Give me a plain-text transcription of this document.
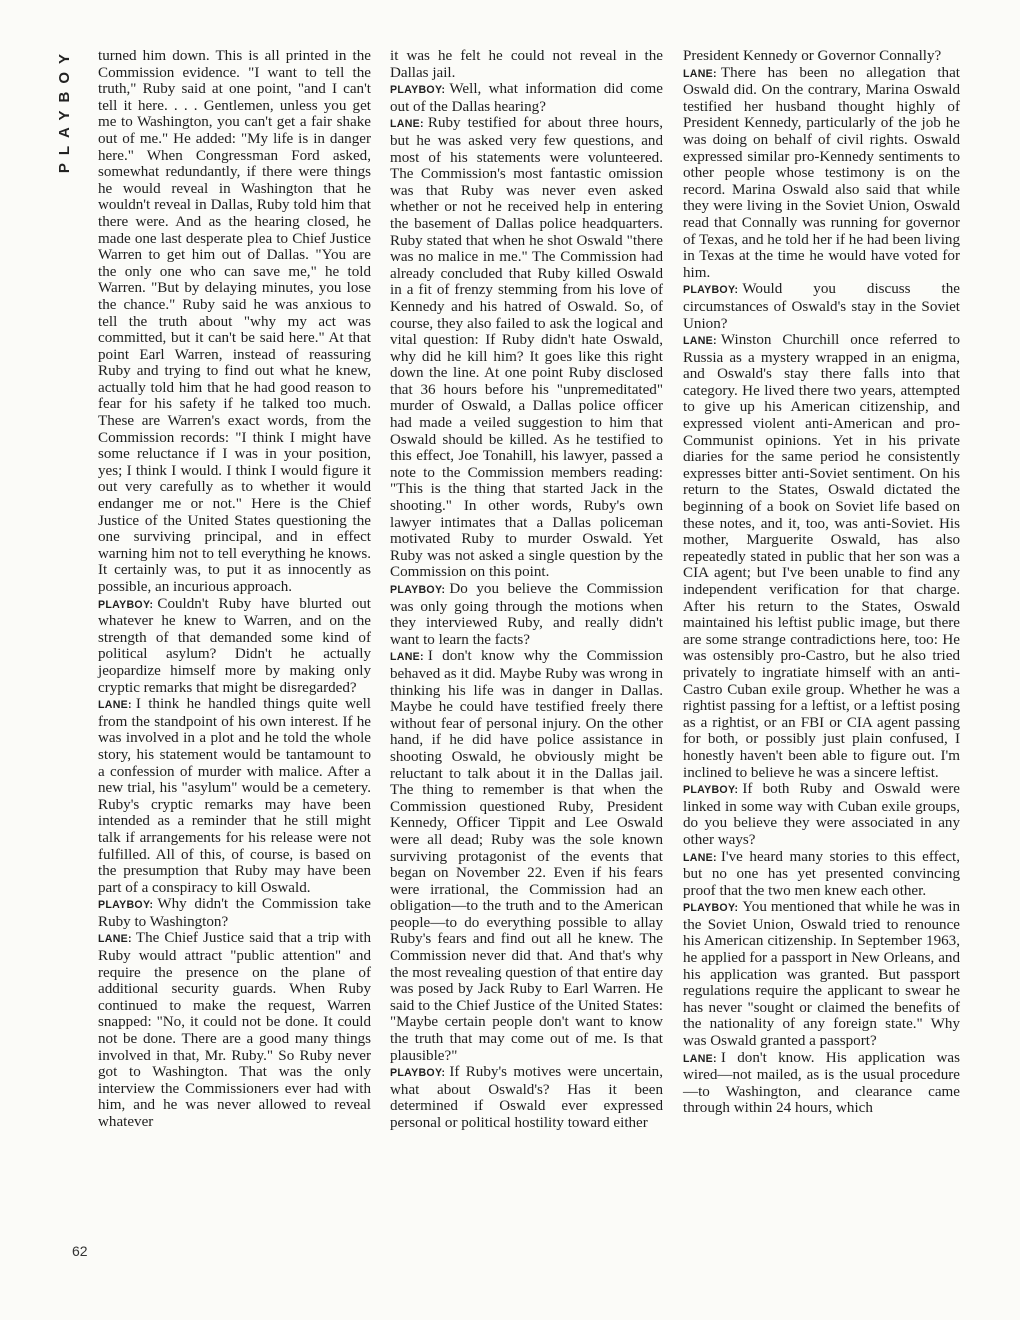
PLAYBOY turned him down. This is all printed in the Commission evidence. "I want to tell the truth," Ruby said at one point, "and I can't tell it here. . . . Gentlemen, unless you get me to Washington, you can't get a fair shake out of me." He added: "My life is in danger here." When Congressman Ford asked, somewhat redundantly, if there were things he would reveal in Washington that he wouldn't reveal in Dallas, Ruby told him that there were. And as the hearing closed, he made one last desperate plea to Chief Justice Warren to get him out of Dallas. "You are the only one who can save me," he told Warren. "But by delaying minutes, you lose the chance." Ruby said he was anxious to tell the truth about "why my act was committed, but it can't be said here." At that point Earl Warren, instead of reassuring Ruby and trying to find out what he knew, actually told him that he had good reason to fear for his safety if he talked too much. These are Warren's exact words, from the Commission records: "I think I might have some reluctance if I was in your position, yes; I think I would. I think I would figure it out very carefully as to whether it would endanger me or not." Here is the Chief Justice of the United States questioning the one surviving principal, and in effect warning him not to tell everything he knows. It certainly was, to put it as innocently as possible, an incurious approach.

PLAYBOY: Couldn't Ruby have blurted out whatever he knew to Warren, and on the strength of that demanded some kind of political asylum? Didn't he actually jeopardize himself more by making only cryptic remarks that might be disregarded?

LANE: I think he handled things quite well from the standpoint of his own interest. If he was involved in a plot and he told the whole story, his statement would be tantamount to a confession of murder with malice. After a new trial, his "asylum" would be a cemetery. Ruby's cryptic remarks may have been intended as a reminder that he still might talk if arrangements for his release were not fulfilled. All of this, of course, is based on the presumption that Ruby may have been part of a conspiracy to kill Oswald.

PLAYBOY: Why didn't the Commission take Ruby to Washington?

LANE: The Chief Justice said that a trip with Ruby would attract "public attention" and require the presence on the plane of additional security guards. When Ruby continued to make the request, Warren snapped: "No, it could not be done. It could not be done. There are a good many things involved in that, Mr. Ruby." So Ruby never got to Washington. That was the only interview the Commissioners ever had with him, and he was never allowed to reveal whatever

it was he felt he could not reveal in the Dallas jail.

PLAYBOY: Well, what information did come out of the Dallas hearing?

LANE: Ruby testified for about three hours, but he was asked very few questions, and most of his statements were volunteered. The Commission's most fantastic omission was that Ruby was never even asked whether or not he received help in entering the basement of Dallas police headquarters. Ruby stated that when he shot Oswald "there was no malice in me." The Commission had already concluded that Ruby killed Oswald in a fit of frenzy stemming from his love of Kennedy and his hatred of Oswald. So, of course, they also failed to ask the logical and vital question: If Ruby didn't hate Oswald, why did he kill him? It goes like this right down the line. At one point Ruby disclosed that 36 hours before his "unpremeditated" murder of Oswald, a Dallas police officer had made a veiled suggestion to him that Oswald should be killed. As he testified to this effect, Joe Tonahill, his lawyer, passed a note to the Commission members reading: "This is the thing that started Jack in the shooting." In other words, Ruby's own lawyer intimates that a Dallas policeman motivated Ruby to murder Oswald. Yet Ruby was not asked a single question by the Commission on this point.

PLAYBOY: Do you believe the Commission was only going through the motions when they interviewed Ruby, and really didn't want to learn the facts?

LANE: I don't know why the Commission behaved as it did. Maybe Ruby was wrong in thinking his life was in danger in Dallas. Maybe he could have testified freely there without fear of personal injury. On the other hand, if he did have police assistance in shooting Oswald, he obviously might be reluctant to talk about it in the Dallas jail. The thing to remember is that when the Commission questioned Ruby, President Kennedy, Officer Tippit and Lee Oswald were all dead; Ruby was the sole known surviving protagonist of the events that began on November 22. Even if his fears were irrational, the Commission had an obligation—to the truth and to the American people—to do everything possible to allay Ruby's fears and find out all he knew. The Commission never did that. And that's why the most revealing question of that entire day was posed by Jack Ruby to Earl Warren. He said to the Chief Justice of the United States: "Maybe certain people don't want to know the truth that may come out of me. Is that plausible?"

PLAYBOY: If Ruby's motives were uncertain, what about Oswald's? Has it been determined if Oswald ever expressed personal or political hostility toward either

President Kennedy or Governor Connally?

LANE: There has been no allegation that Oswald did. On the contrary, Marina Oswald testified her husband thought highly of President Kennedy, particularly of the job he was doing on behalf of civil rights. Oswald expressed similar pro-Kennedy sentiments to other people whose testimony is on the record. Marina Oswald also said that while they were living in the Soviet Union, Oswald read that Connally was running for governor of Texas, and he told her if he had been living in Texas at the time he would have voted for him.

PLAYBOY: Would you discuss the circumstances of Oswald's stay in the Soviet Union?

LANE: Winston Churchill once referred to Russia as a mystery wrapped in an enigma, and Oswald's stay there falls into that category. He lived there two years, attempted to give up his American citizenship, and expressed violent anti-American and pro-Communist opinions. Yet in his private diaries for the same period he consistently expresses bitter anti-Soviet sentiment. On his return to the States, Oswald dictated the beginning of a book on Soviet life based on these notes, and it, too, was anti-Soviet. His mother, Marguerite Oswald, has also repeatedly stated in public that her son was a CIA agent; but I've been unable to find any independent verification for that charge. After his return to the States, Oswald maintained his leftist public image, but there are some strange contradictions here, too: He was ostensibly pro-Castro, but he also tried privately to ingratiate himself with an anti-Castro Cuban exile group. Whether he was a rightist passing for a leftist, or a leftist posing as a rightist, or an FBI or CIA agent passing for both, or possibly just plain confused, I honestly haven't been able to figure out. I'm inclined to believe he was a sincere leftist.

PLAYBOY: If both Ruby and Oswald were linked in some way with Cuban exile groups, do you believe they were associated in any other ways?

LANE: I've heard many stories to this effect, but no one has yet presented convincing proof that the two men knew each other.

PLAYBOY: You mentioned that while he was in the Soviet Union, Oswald tried to renounce his American citizenship. In September 1963, he applied for a passport in New Orleans, and his application was granted. But passport regulations require the applicant to swear he has never "sought or claimed the benefits of the nationality of any foreign state." Why was Oswald granted a passport?

LANE: I don't know. His application was wired—not mailed, as is the usual procedure—to Washington, and clearance came through within 24 hours, which

62
